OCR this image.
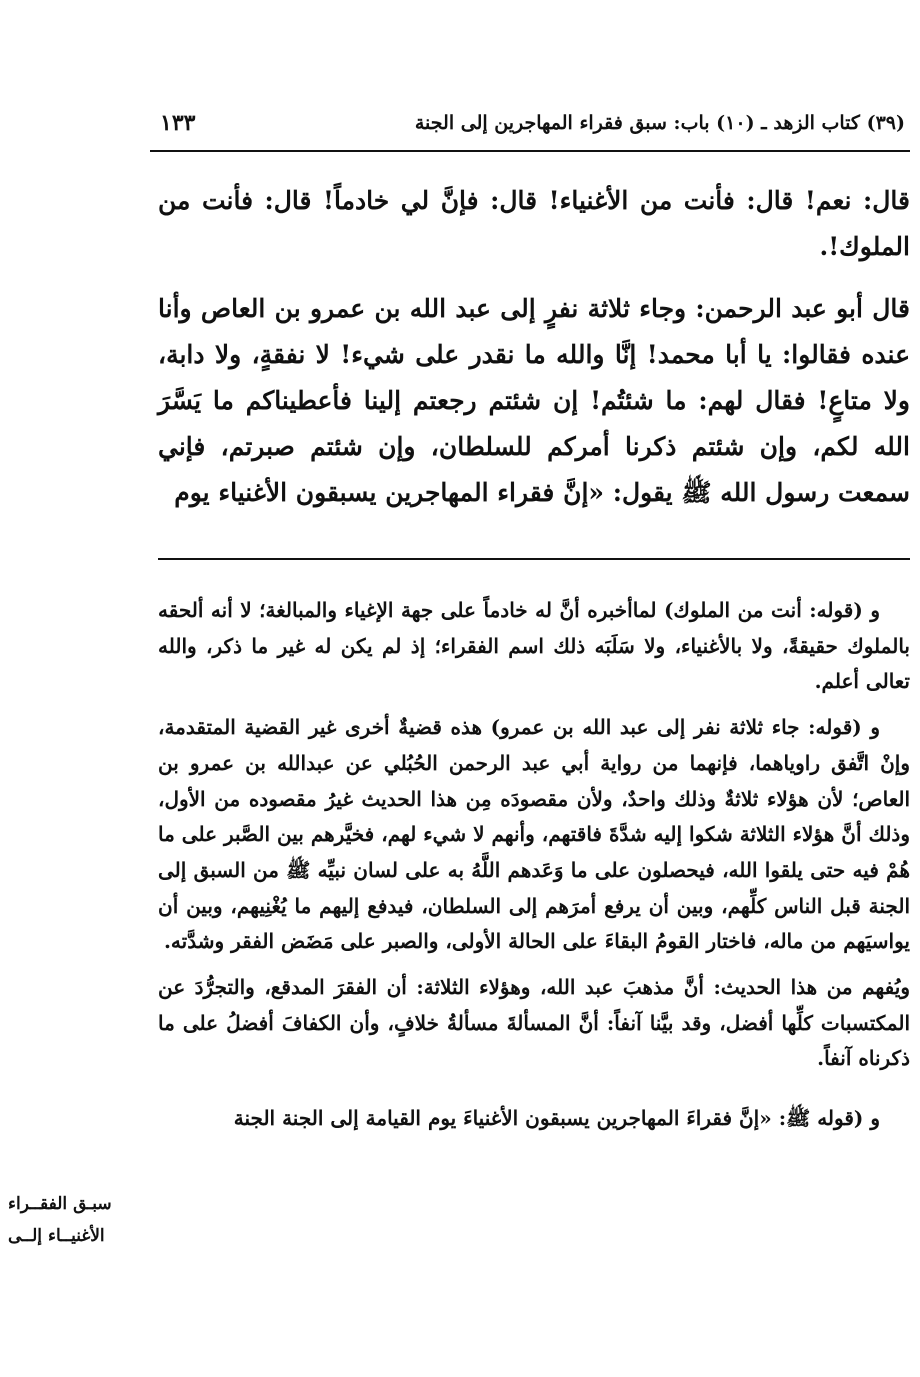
(٣٩) كتاب الزهد ـ (١٠) باب: سبق فقراء المهاجرين إلى الجنة
١٣٣

قال: نعم! قال: فأنت من الأغنياء! قال: فإنَّ لي خادماً! قال: فأنت من الملوك!.

قال أبو عبد الرحمن: وجاء ثلاثة نفرٍ إلى عبد الله بن عمرو بن العاص وأنا عنده فقالوا: يا أبا محمد! إنَّا والله ما نقدر على شيء! لا نفقةٍ، ولا دابة، ولا متاعٍ! فقال لهم: ما شئتُم! إن شئتم رجعتم إلينا فأعطيناكم ما يَسَّرَ الله لكم، وإن شئتم ذكرنا أمركم للسلطان، وإن شئتم صبرتم، فإني سمعت رسول الله ﷺ يقول: «إنَّ فقراء المهاجرين يسبقون الأغنياء يوم

و (قوله: أنت من الملوك) لماأخبره أنَّ له خادماً على جهة الإغياء والمبالغة؛ لا أنه ألحقه بالملوك حقيقةً، ولا بالأغنياء، ولا سَلَبَه ذلك اسم الفقراء؛ إذ لم يكن له غير ما ذكر، والله تعالى أعلم.

و (قوله: جاء ثلاثة نفر إلى عبد الله بن عمرو) هذه قضيةٌ أخرى غير القضية المتقدمة، وإنْ اتَّفق راوياهما، فإنهما من رواية أبي عبد الرحمن الحُبُلي عن عبدالله بن عمرو بن العاص؛ لأن هؤلاء ثلاثةٌ وذلك واحدٌ، ولأن مقصودَه مِن هذا الحديث غيرُ مقصوده من الأول، وذلك أنَّ هؤلاء الثلاثة شكوا إليه شدَّةَ فاقتهم، وأنهم لا شيء لهم، فخيَّرهم بين الصَّبر على ما هُمْ فيه حتى يلقوا الله، فيحصلون على ما وَعَدهم اللَّهُ به على لسان نبيِّه ﷺ من السبق إلى الجنة قبل الناس كلِّهم، وبين أن يرفع أمرَهم إلى السلطان، فيدفع إليهم ما يُغْنِيهم، وبين أن يواسيَهم من ماله، فاختار القومُ البقاءَ على الحالة الأولى، والصبر على مَضَض الفقر وشدَّته.

ويُفهم من هذا الحديث: أنَّ مذهبَ عبد الله، وهؤلاء الثلاثة: أن الفقرَ المدقع، والتجرُّدَ عن المكتسبات كلِّها أفضل، وقد بيَّنا آنفاً: أنَّ المسألةَ مسألةُ خلافٍ، وأن الكفافَ أفضلُ على ما ذكرناه آنفاً.

و (قوله ﷺ: «إنَّ فقراءَ المهاجرين يسبقون الأغنياءَ يوم القيامة إلى الجنة الجنة

سبـق الفقــراء
الأغنيــاء إلــى
